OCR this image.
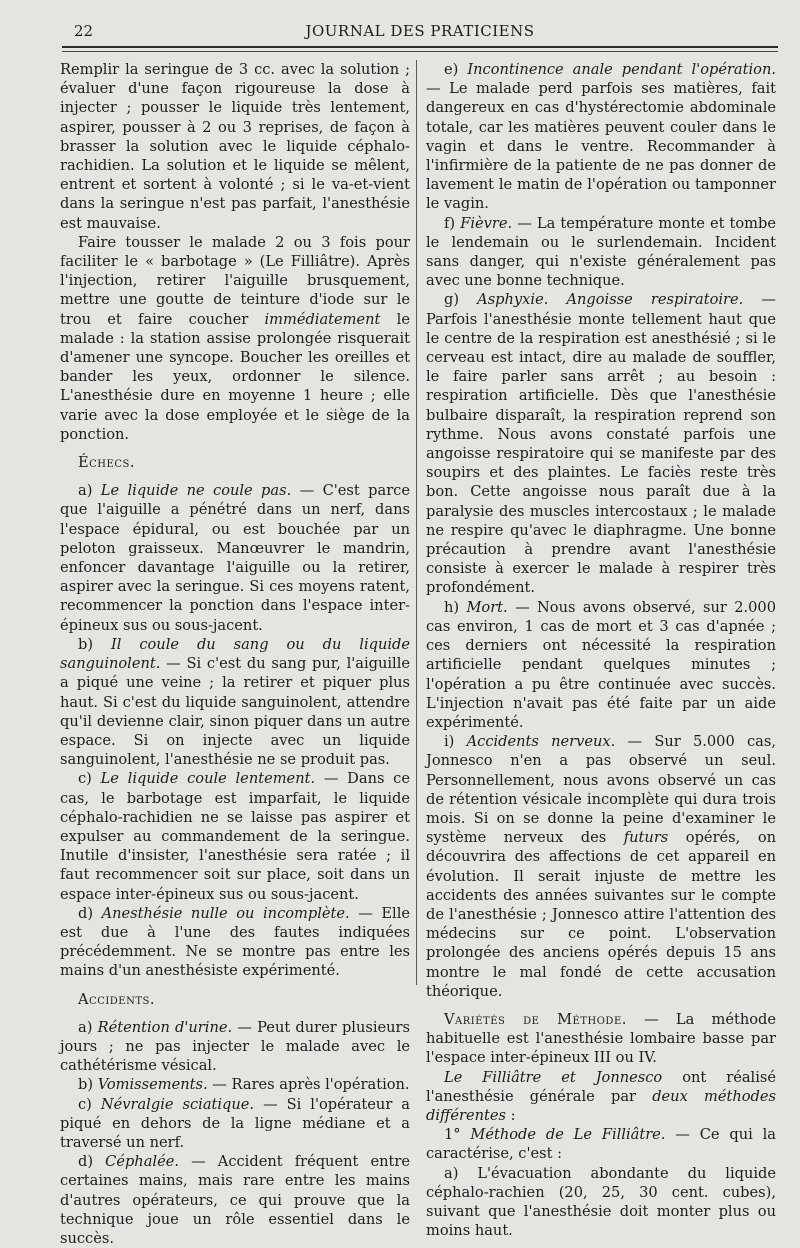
22	JOURNAL DES PRATICIENS

Remplir la seringue de 3 cc. avec la solution ; évaluer d'une façon rigoureuse la dose à injecter ; pousser le liquide très lentement, aspirer, pousser à 2 ou 3 reprises, de façon à brasser la solution avec le liquide céphalo-rachidien. La solution et le liquide se mêlent, entrent et sortent à volonté ; si le va-et-vient dans la seringue n'est pas parfait, l'anesthésie est mauvaise.

Faire tousser le malade 2 ou 3 fois pour faciliter le « barbotage » (Le Filliâtre). Après l'injection, retirer l'aiguille brusquement, mettre une goutte de teinture d'iode sur le trou et faire coucher immédiatement le malade : la station assise prolongée risquerait d'amener une syncope. Boucher les oreilles et bander les yeux, ordonner le silence. L'anesthésie dure en moyenne 1 heure ; elle varie avec la dose employée et le siège de la ponction.

Échecs.

a) Le liquide ne coule pas. — C'est parce que l'aiguille a pénétré dans un nerf, dans l'espace épidural, ou est bouchée par un peloton graisseux. Manœuvrer le mandrin, enfoncer davantage l'aiguille ou la retirer, aspirer avec la seringue. Si ces moyens ratent, recommencer la ponction dans l'espace inter-épineux sus ou sous-jacent.

b) Il coule du sang ou du liquide sanguinolent. — Si c'est du sang pur, l'aiguille a piqué une veine ; la retirer et piquer plus haut. Si c'est du liquide sanguinolent, attendre qu'il devienne clair, sinon piquer dans un autre espace. Si on injecte avec un liquide sanguinolent, l'anesthésie ne se produit pas.

c) Le liquide coule lentement. — Dans ce cas, le barbotage est imparfait, le liquide céphalo-rachidien ne se laisse pas aspirer et expulser au commandement de la seringue. Inutile d'insister, l'anesthésie sera ratée ; il faut recommencer soit sur place, soit dans un espace inter-épineux sus ou sous-jacent.

d) Anesthésie nulle ou incomplète. — Elle est due à l'une des fautes indiquées précédemment. Ne se montre pas entre les mains d'un anesthésiste expérimenté.

Accidents.

a) Rétention d'urine. — Peut durer plusieurs jours ; ne pas injecter le malade avec le cathétérisme vésical.

b) Vomissements. — Rares après l'opération.

c) Névralgie sciatique. — Si l'opérateur a piqué en dehors de la ligne médiane et a traversé un nerf.

d) Céphalée. — Accident fréquent entre certaines mains, mais rare entre les mains d'autres opérateurs, ce qui prouve que la technique joue un rôle essentiel dans le succès.

e) Incontinence anale pendant l'opération. — Le malade perd parfois ses matières, fait dangereux en cas d'hystérectomie abdominale totale, car les matières peuvent couler dans le vagin et dans le ventre. Recommander à l'infirmière de la patiente de ne pas donner de lavement le matin de l'opération ou tamponner le vagin.

f) Fièvre. — La température monte et tombe le lendemain ou le surlendemain. Incident sans danger, qui n'existe généralement pas avec une bonne technique.

g) Asphyxie. Angoisse respiratoire. — Parfois l'anesthésie monte tellement haut que le centre de la respiration est anesthésié ; si le cerveau est intact, dire au malade de souffler, le faire parler sans arrêt ; au besoin : respiration artificielle. Dès que l'anesthésie bulbaire disparaît, la respiration reprend son rythme. Nous avons constaté parfois une angoisse respiratoire qui se manifeste par des soupirs et des plaintes. Le faciès reste très bon. Cette angoisse nous paraît due à la paralysie des muscles intercostaux ; le malade ne respire qu'avec le diaphragme. Une bonne précaution à prendre avant l'anesthésie consiste à exercer le malade à respirer très profondément.

h) Mort. — Nous avons observé, sur 2.000 cas environ, 1 cas de mort et 3 cas d'apnée ; ces derniers ont nécessité la respiration artificielle pendant quelques minutes ; l'opération a pu être continuée avec succès. L'injection n'avait pas été faite par un aide expérimenté.

i) Accidents nerveux. — Sur 5.000 cas, Jonnesco n'en a pas observé un seul. Personnellement, nous avons observé un cas de rétention vésicale incomplète qui dura trois mois. Si on se donne la peine d'examiner le système nerveux des futurs opérés, on découvrira des affections de cet appareil en évolution. Il serait injuste de mettre les accidents des années suivantes sur le compte de l'anesthésie ; Jonnesco attire l'attention des médecins sur ce point. L'observation prolongée des anciens opérés depuis 15 ans montre le mal fondé de cette accusation théorique.

Variétés de Méthode. — La méthode habituelle est l'anesthésie lombaire basse par l'espace inter-épineux III ou IV.

Le Filliâtre et Jonnesco ont réalisé l'anesthésie générale par deux méthodes différentes :

1° Méthode de Le Filliâtre. — Ce qui la caractérise, c'est :

a) L'évacuation abondante du liquide céphalo-rachien (20, 25, 30 cent. cubes), suivant que l'anesthésie doit monter plus ou moins haut.
